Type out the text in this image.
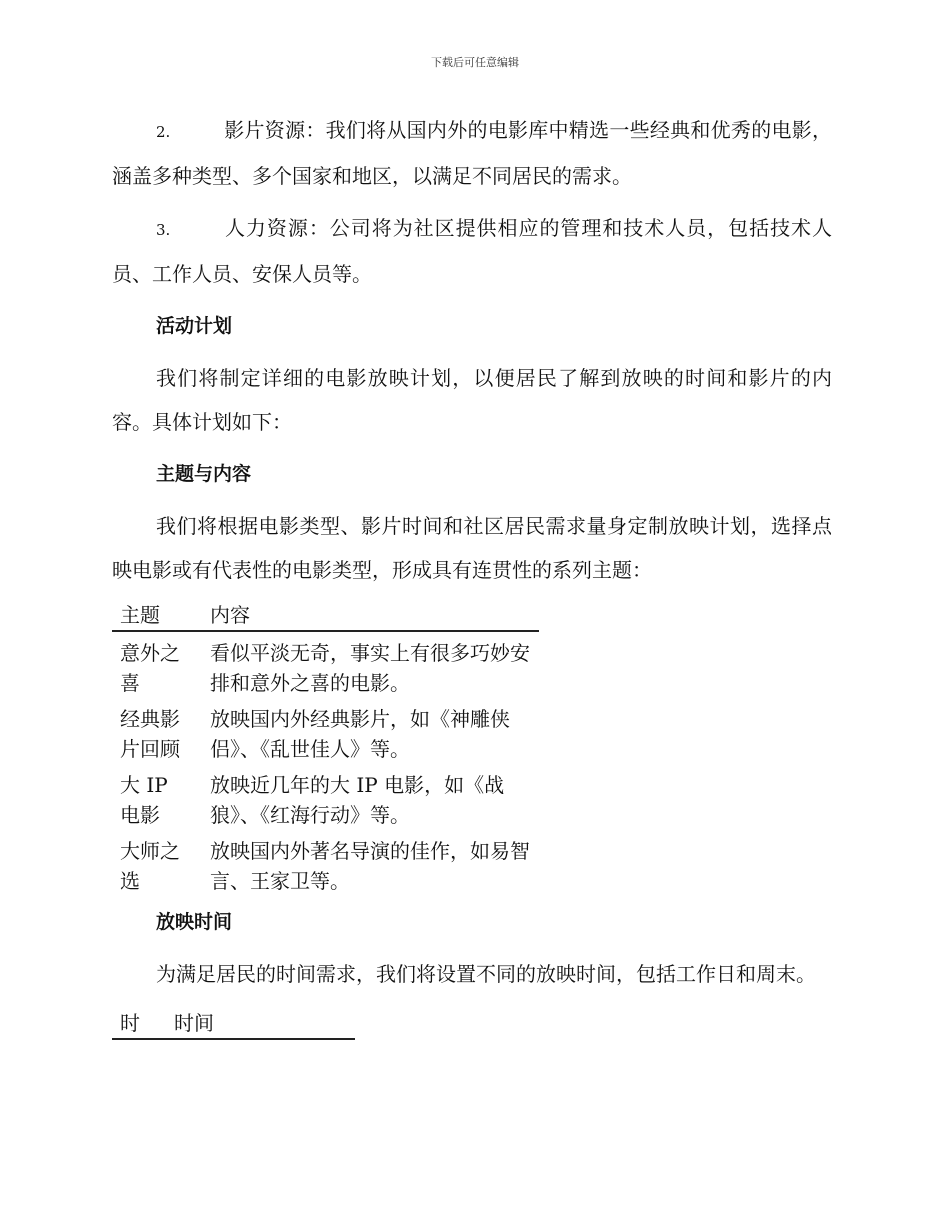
下载后可任意编辑

2.	影片资源：我们将从国内外的电影库中精选一些经典和优秀的电影，涵盖多种类型、多个国家和地区，以满足不同居民的需求。

3.	人力资源：公司将为社区提供相应的管理和技术人员，包括技术人员、工作人员、安保人员等。

活动计划

我们将制定详细的电影放映计划，以便居民了解到放映的时间和影片的内容。具体计划如下：

主题与内容

我们将根据电影类型、影片时间和社区居民需求量身定制放映计划，选择点映电影或有代表性的电影类型，形成具有连贯性的系列主题：

主题	内容
意外之喜	看似平淡无奇，事实上有很多巧妙安排和意外之喜的电影。
经典影片回顾	放映国内外经典影片，如《神雕侠侣》、《乱世佳人》等。
大 IP 电影	放映近几年的大 IP 电影，如《战狼》、《红海行动》等。
大师之选	放映国内外著名导演的佳作，如易智言、王家卫等。
放映时间

为满足居民的时间需求，我们将设置不同的放映时间，包括工作日和周末。

时	时间
